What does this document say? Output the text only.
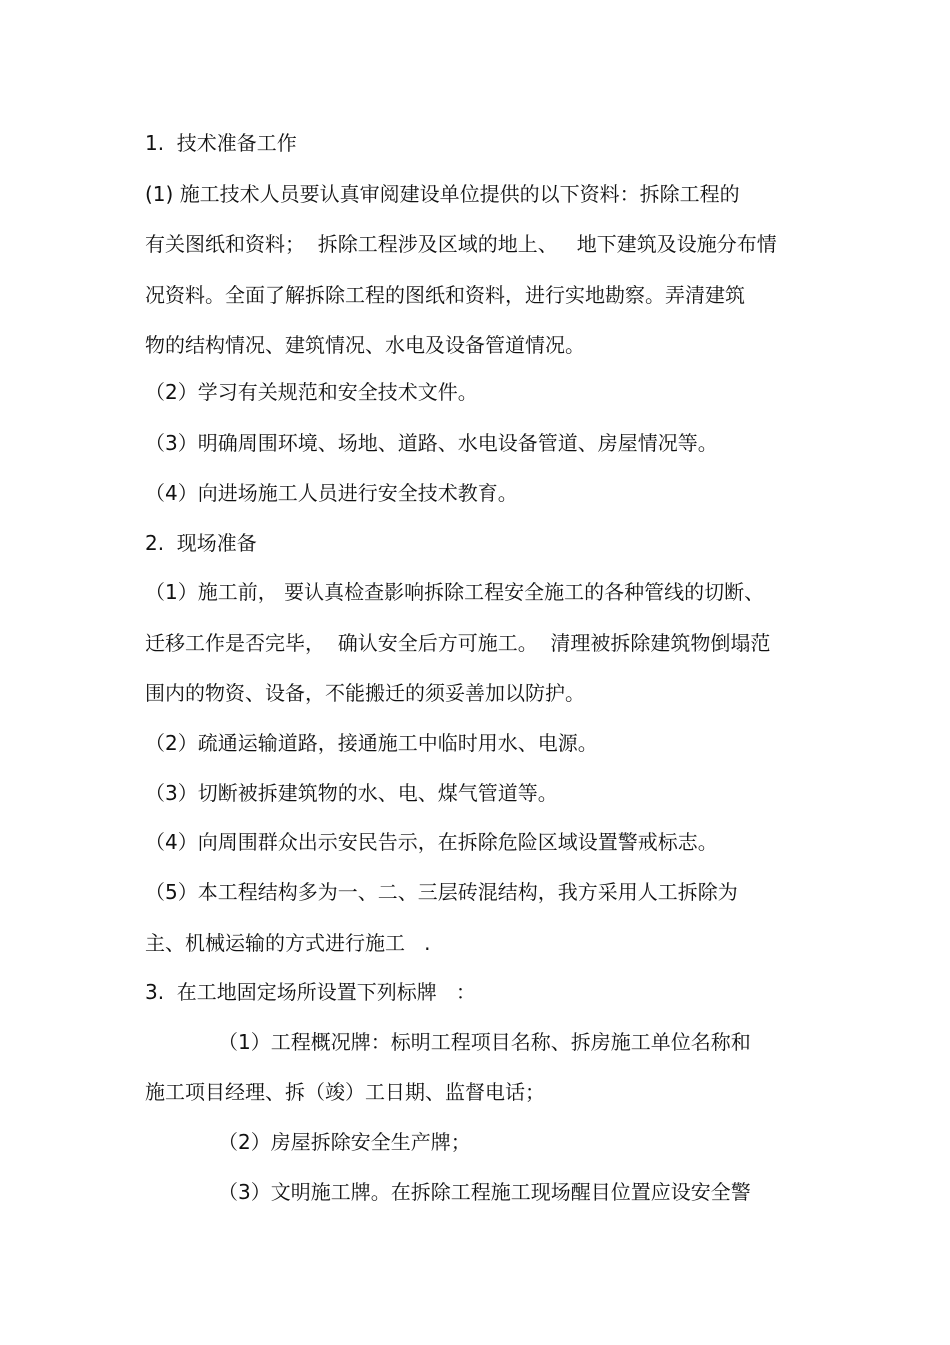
1.  技术准备工作
(1) 施工技术人员要认真审阅建设单位提供的以下资料：拆除工程的
有关图纸和资料；  拆除工程涉及区域的地上、   地下建筑及设施分布情
况资料。全面了解拆除工程的图纸和资料，进行实地勘察。弄清建筑
物的结构情况、建筑情况、水电及设备管道情况。
（2）学习有关规范和安全技术文件。
（3）明确周围环境、场地、道路、水电设备管道、房屋情况等。
（4）向进场施工人员进行安全技术教育。
2.  现场准备
（1）施工前， 要认真检查影响拆除工程安全施工的各种管线的切断、
迁移工作是否完毕，  确认安全后方可施工。  清理被拆除建筑物倒塌范
围内的物资、设备，不能搬迁的须妥善加以防护。
（2）疏通运输道路，接通施工中临时用水、电源。
（3）切断被拆建筑物的水、电、煤气管道等。
（4）向周围群众出示安民告示，在拆除危险区域设置警戒标志。
（5）本工程结构多为一、二、三层砖混结构，我方采用人工拆除为
主、机械运输的方式进行施工   .
3.  在工地固定场所设置下列标牌   ：
（1）工程概况牌：标明工程项目名称、拆房施工单位名称和
施工项目经理、拆（竣）工日期、监督电话；
（2）房屋拆除安全生产牌；
（3）文明施工牌。在拆除工程施工现场醒目位置应设安全警
